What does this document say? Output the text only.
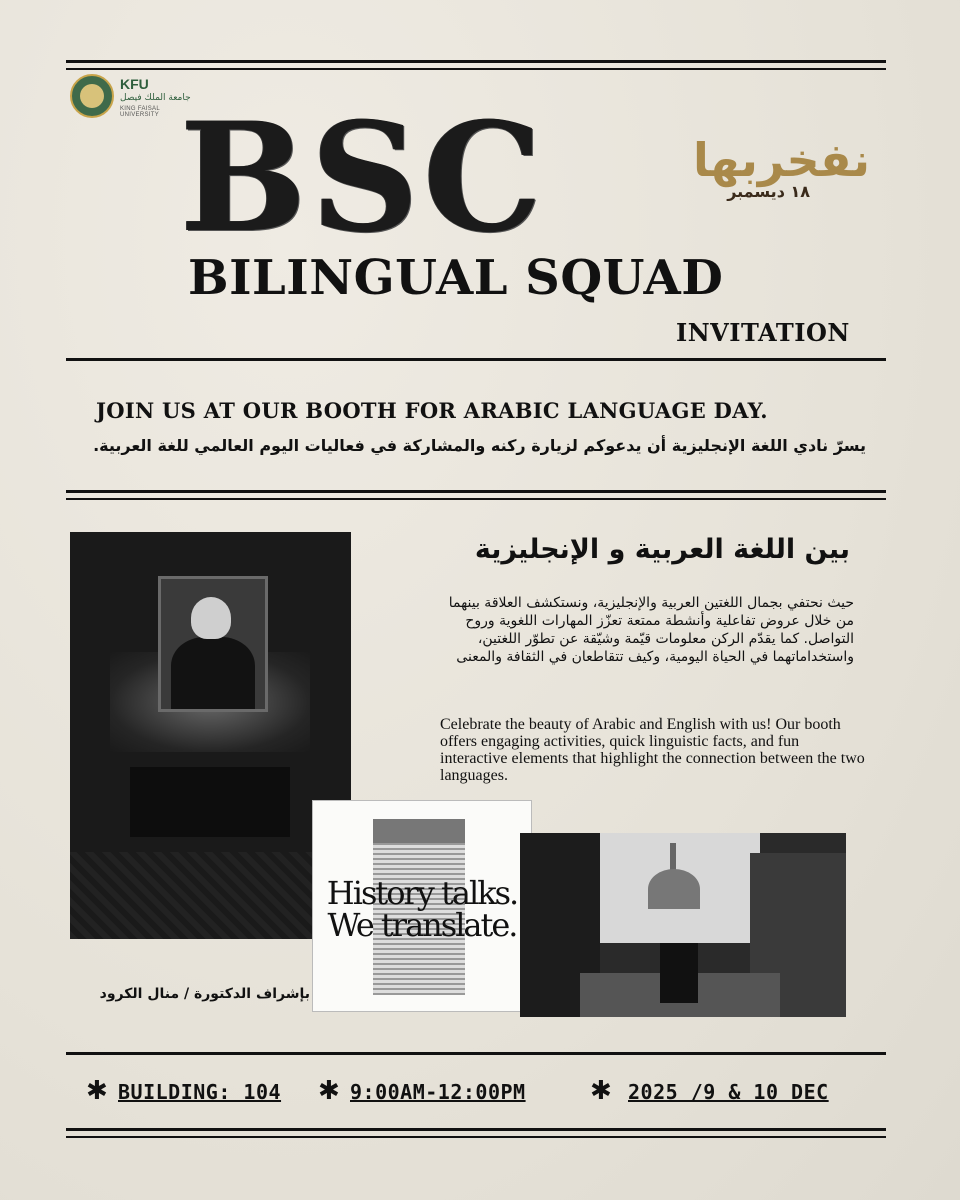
KFU
جامعة الملك فيصل
KING FAISAL UNIVERSITY BSC	نفخربها
١٨ ديسمبر
BILINGUAL SQUAD
INVITATION
JOIN US AT OUR BOOTH FOR ARABIC LANGUAGE DAY.
يسرّ نادي اللغة الإنجليزية أن يدعوكم لزيارة ركنه والمشاركة في فعاليات اليوم العالمي للغة العربية.
بين اللغة العربية و الإنجليزية
حيث نحتفي بجمال اللغتين العربية والإنجليزية، ونستكشف العلاقة بينهما من خلال عروض تفاعلية وأنشطة ممتعة تعزّز المهارات اللغوية وروح التواصل. كما يقدّم الركن معلومات قيّمة وشيّقة عن تطوّر اللغتين، واستخداماتهما في الحياة اليومية، وكيف تتقاطعان في الثقافة والمعنى
Celebrate the beauty of Arabic and English with us! Our booth offers engaging activities, quick linguistic facts, and fun interactive elements that highlight the connection between the two languages.
History talks.
We translate.
بإشراف الدكتورة / منال الكرود
✱ BUILDING: 104 ✱ 9:00AM-12:00PM ✱ 2025 /9 & 10 DEC
